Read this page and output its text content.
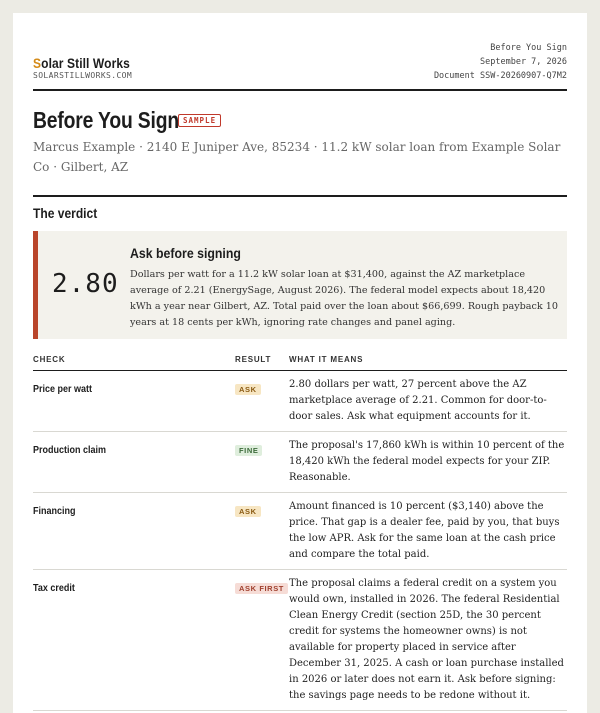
Solar Still Works
SOLARSTILLWORKS.COM
Before You Sign
September 7, 2026
Document SSW-20260907-Q7M2
Before You Sign SAMPLE
Marcus Example · 2140 E Juniper Ave, 85234 · 11.2 kW solar loan from Example Solar Co · Gilbert, AZ
The verdict
2.80
Ask before signing
Dollars per watt for a 11.2 kW solar loan at $31,400, against the AZ marketplace average of 2.21 (EnergySage, August 2026). The federal model expects about 18,420 kWh a year near Gilbert, AZ. Total paid over the loan about $66,699. Rough payback 10 years at 18 cents per kWh, ignoring rate changes and panel aging.
CHECK	RESULT	WHAT IT MEANS
Price per watt	ASK	2.80 dollars per watt, 27 percent above the AZ marketplace average of 2.21. Common for door-to-door sales. Ask what equipment accounts for it.

Production claim	FINE	The proposal's 17,860 kWh is within 10 percent of the 18,420 kWh the federal model expects for your ZIP. Reasonable.

Financing	ASK	Amount financed is 10 percent ($3,140) above the price. That gap is a dealer fee, paid by you, that buys the low APR. Ask for the same loan at the cash price and compare the total paid.

Tax credit	ASK FIRST	The proposal claims a federal credit on a system you would own, installed in 2026. The federal Residential Clean Energy Credit (section 25D, the 30 percent credit for systems the homeowner owns) is not available for property placed in service after December 31, 2025. A cash or loan purchase installed in 2026 or later does not earn it. Ask before signing: the savings page needs to be redone without it.
